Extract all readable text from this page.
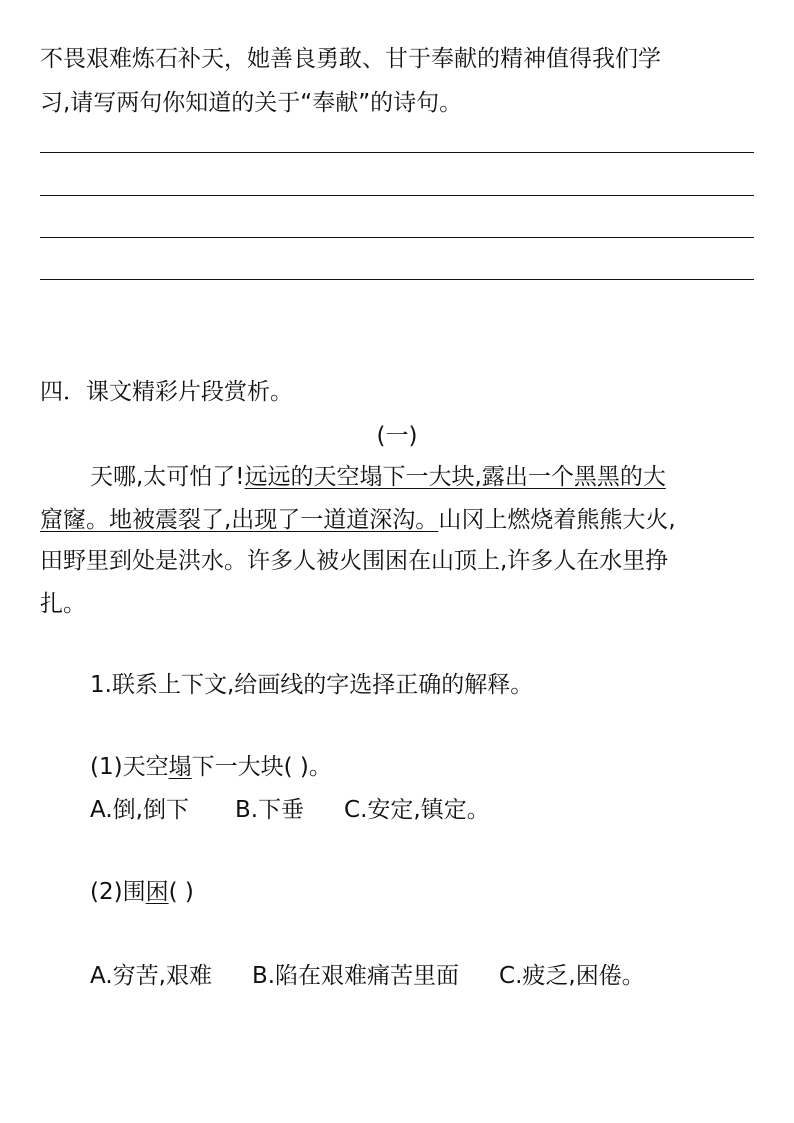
不畏艰难炼石补天，她善良勇敢、甘于奉献的精神值得我们学
习,请写两句你知道的关于“奉献”的诗句。
四．课文精彩片段赏析。
(一)
天哪,太可怕了!远远的天空塌下一大块,露出一个黑黑的大
窟窿。地被震裂了,出现了一道道深沟。山冈上燃烧着熊熊大火,
田野里到处是洪水。许多人被火围困在山顶上,许多人在水里挣
扎。
1.联系上下文,给画线的字选择正确的解释。
(1)天空塌下一大块( )。
A.倒,倒下 B.下垂 C.安定,镇定。
(2)围困( )
A.穷苦,艰难 B.陷在艰难痛苦里面 C.疲乏,困倦。
